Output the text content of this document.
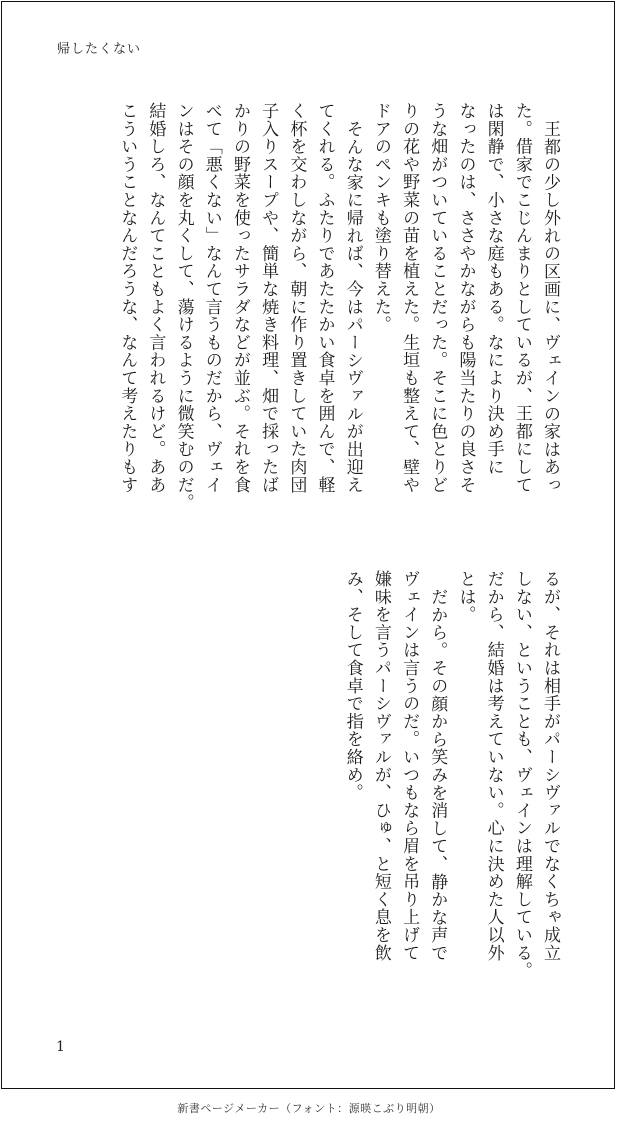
帰したくない
王都の少し外れの区画に、ヴェインの家はあっ
た。借家でこじんまりとしているが、王都にして
は閑静で、小さな庭もある。なにより決め手に
なったのは、ささやかながらも陽当たりの良さそ
うな畑がついていることだった。そこに色とりど
りの花や野菜の苗を植えた。生垣も整えて、壁や
ドアのペンキも塗り替えた。
そんな家に帰れば、今はパーシヴァルが出迎え
てくれる。ふたりであたたかい食卓を囲んで、軽
く杯を交わしながら、朝に作り置きしていた肉団
子入りスープや、簡単な焼き料理、畑で採ったば
かりの野菜を使ったサラダなどが並ぶ。それを食
べて「悪くない」なんて言うものだから、ヴェイ
ンはその顔を丸くして、蕩けるように微笑むのだ。
結婚しろ、なんてこともよく言われるけど。ああ
こういうことなんだろうな、なんて考えたりもす
るが、それは相手がパーシヴァルでなくちゃ成立
しない、ということも、ヴェインは理解している。
だから、結婚は考えていない。心に決めた人以外
とは。
だから。その顔から笑みを消して、静かな声で
ヴェインは言うのだ。いつもなら眉を吊り上げて
嫌味を言うパーシヴァルが、ひゅ、と短く息を飲
み、そして食卓で指を絡め。
1
新書ページメーカー（フォント：源暎こぶり明朝）
